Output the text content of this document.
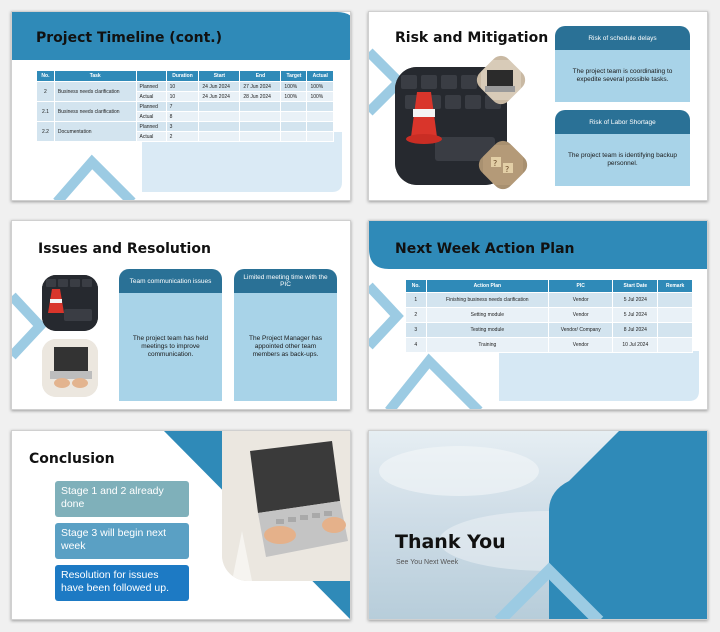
Project Timeline (cont.)
No.	Task		Duration	Start	End	Target	Actual
2	Business needs clarification	Planned	10	24 Jun 2024	27 Jun 2024	100%	100%
		Actual	10	24 Jun 2024	28 Jun 2024	100%	100%
2.1	Business needs clarification	Planned	7				
		Actual	8				
2.2	Documentation	Planned	3				
		Actual	2				
Risk and Mitigation
?
?
Risk of schedule delays
The project team is coordinating to expedite several possible tasks.
Risk of Labor Shortage
The project team is identifying backup personnel.
Issues and Resolution
Team communication issues
The project team has held meetings to improve communication.
Limited meeting time with the PIC
The Project Manager has appointed other team members as back-ups.
Next Week Action Plan
No.	Action Plan	PIC	Start Date	Remark
1	Finishing business needs clarification	Vendor	5 Jul 2024	
2	Setting module	Vendor	5 Jul 2024	
3	Testing module	Vendor/ Company	8 Jul 2024	
4	Training	Vendor	10 Jul 2024	
Conclusion
Stage 1 and 2 already done
Stage 3 will begin next week
Resolution for issues have been followed up.
Thank You
See You Next Week
